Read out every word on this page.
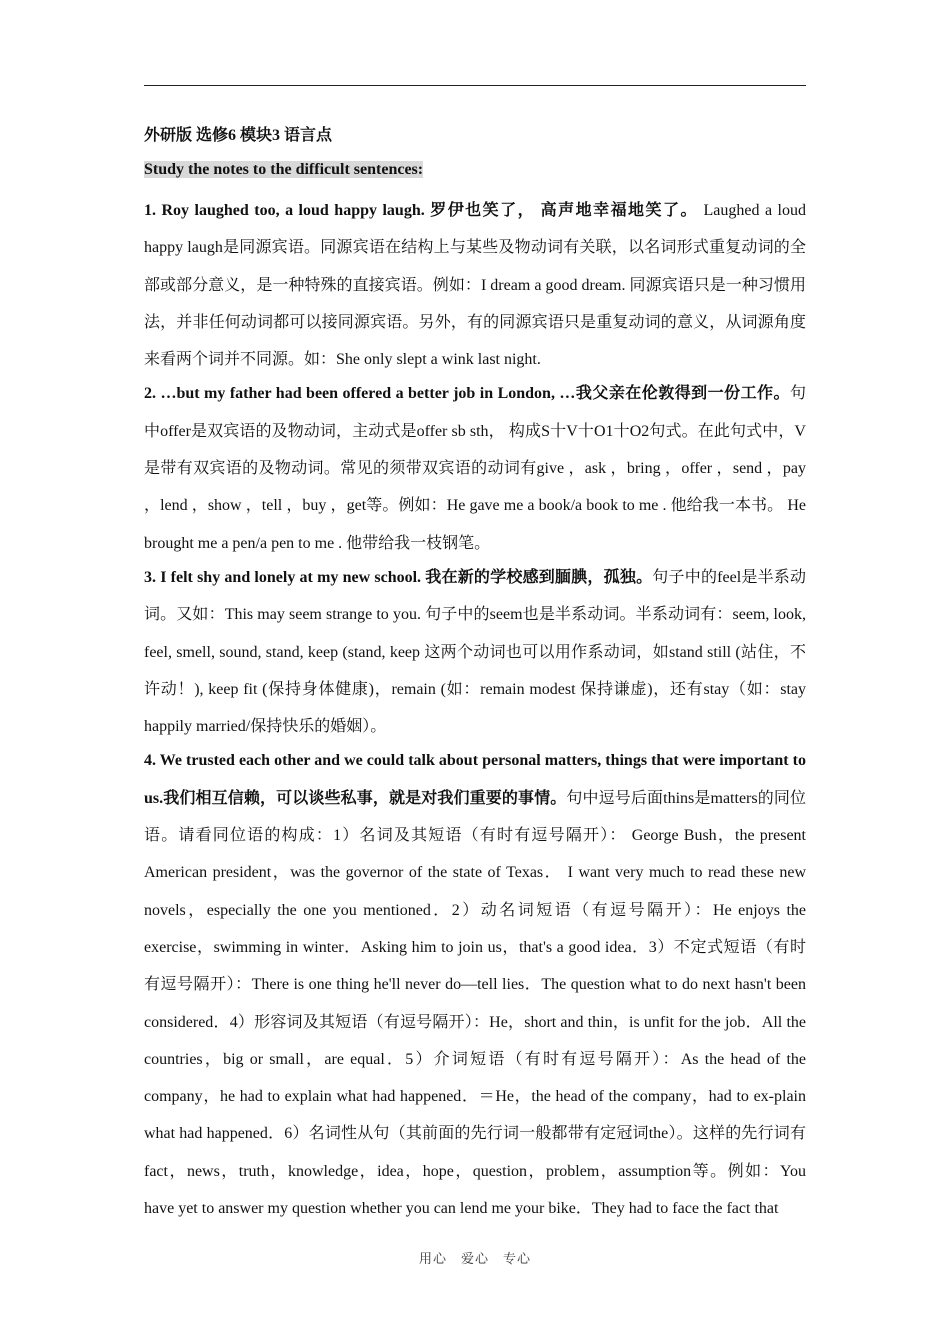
外研版 选修6 模块3 语言点
Study the notes to the difficult sentences:
1. Roy laughed too, a loud happy laugh. 罗伊也笑了， 高声地幸福地笑了。 Laughed a loud happy laugh是同源宾语。同源宾语在结构上与某些及物动词有关联，以名词形式重复动词的全部或部分意义，是一种特殊的直接宾语。例如：I dream a good dream. 同源宾语只是一种习惯用法，并非任何动词都可以接同源宾语。另外，有的同源宾语只是重复动词的意义，从词源角度来看两个词并不同源。如：She only slept a wink last night.
2. …but my father had been offered a better job in London, …我父亲在伦敦得到一份工作。句中offer是双宾语的及物动词，主动式是offer sb sth， 构成S十V十O1十O2句式。在此句式中，V是带有双宾语的及物动词。常见的须带双宾语的动词有give ，ask ，bring ，offer ，send ，pay ，lend ，show ，tell ，buy ，get等。例如：He gave me a book/a book to me . 他给我一本书。 He brought me a pen/a pen to me . 他带给我一枝钢笔。
3. I felt shy and lonely at my new school. 我在新的学校感到腼腆，孤独。句子中的feel是半系动词。又如：This may seem strange to you. 句子中的seem也是半系动词。半系动词有：seem, look, feel, smell, sound, stand, keep (stand, keep 这两个动词也可以用作系动词，如stand still (站住，不许动！), keep fit (保持身体健康)，remain (如：remain modest 保持谦虚)，还有stay（如：stay happily married/保持快乐的婚姻）。
4. We trusted each other and we could talk about personal matters, things that were important to us.我们相互信赖，可以谈些私事，就是对我们重要的事情。句中逗号后面thins是matters的同位语。请看同位语的构成：1）名词及其短语（有时有逗号隔开）： George Bush，the present American president，was the governor of the state of Texas． I want very much to read these new novels，especially the one you mentioned．2）动名词短语（有逗号隔开）：He enjoys the exercise，swimming in winter．Asking him to join us，that's a good idea．3）不定式短语（有时有逗号隔开）：There is one thing he'll never do—tell lies．The question what to do next hasn't been considered．4）形容词及其短语（有逗号隔开）：He，short and thin，is unfit for the job．All the countries，big or small，are equal．5）介词短语（有时有逗号隔开）：As the head of the company，he had to explain what had happened．＝He，the head of the company，had to ex-plain what had happened．6）名词性从句（其前面的先行词一般都带有定冠词the）。这样的先行词有fact，news，truth，knowledge，idea，hope，question，problem，assumption等。例如：You have yet to answer my question whether you can lend me your bike．They had to face the fact that
用心　爱心　专心
